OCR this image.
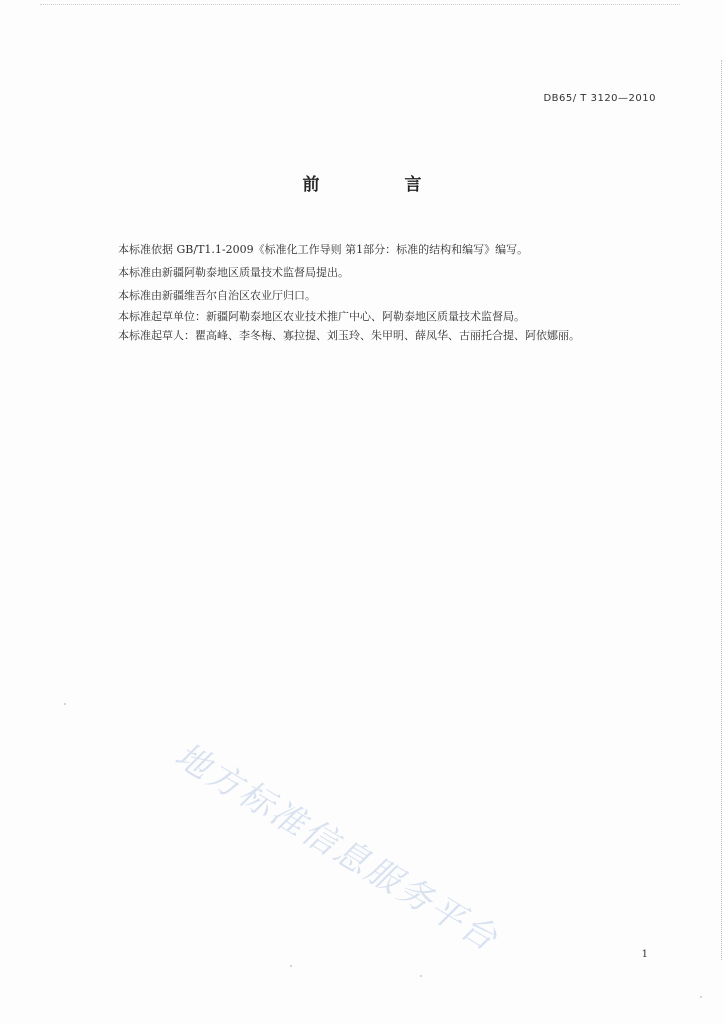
DB65/ T 3120—2010
前　言
本标准依据 GB/T1.1-2009《标准化工作导则 第1部分：标准的结构和编写》编写。
本标准由新疆阿勒泰地区质量技术监督局提出。
本标准由新疆维吾尔自治区农业厅归口。
本标准起草单位：新疆阿勒泰地区农业技术推广中心、阿勒泰地区质量技术监督局。
本标准起草人：瞿高峰、李冬梅、寡拉提、刘玉玲、朱甲明、薛凤华、古丽托合提、阿依娜丽。
地方标准信息服务平台	1
